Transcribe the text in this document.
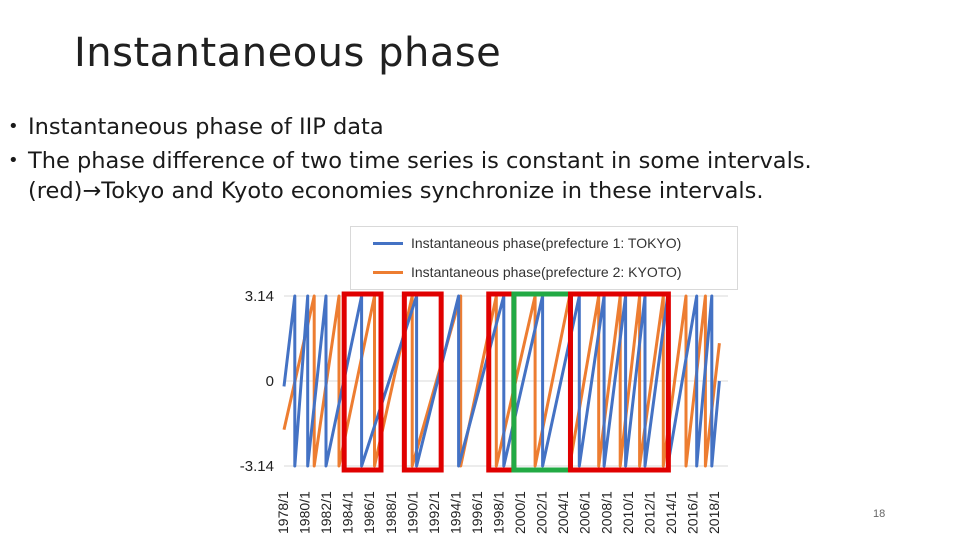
Instantaneous phase
• Instantaneous phase of IIP data
• The phase difference of two time series is constant in some intervals.(red)→Tokyo and Kyoto economies synchronize in these intervals.
3.14
0
-3.14
1978/1 1980/1 1982/1 1984/1 1986/1 1988/1 1990/1 1992/1 1994/1 1996/1 1998/1 2000/1 2002/1 2004/1 2006/1 2008/1 2010/1 2012/1 2014/1 2016/1 2018/1
Instantaneous phase(prefecture 1: TOKYO)
Instantaneous phase(prefecture 2: KYOTO)
18
